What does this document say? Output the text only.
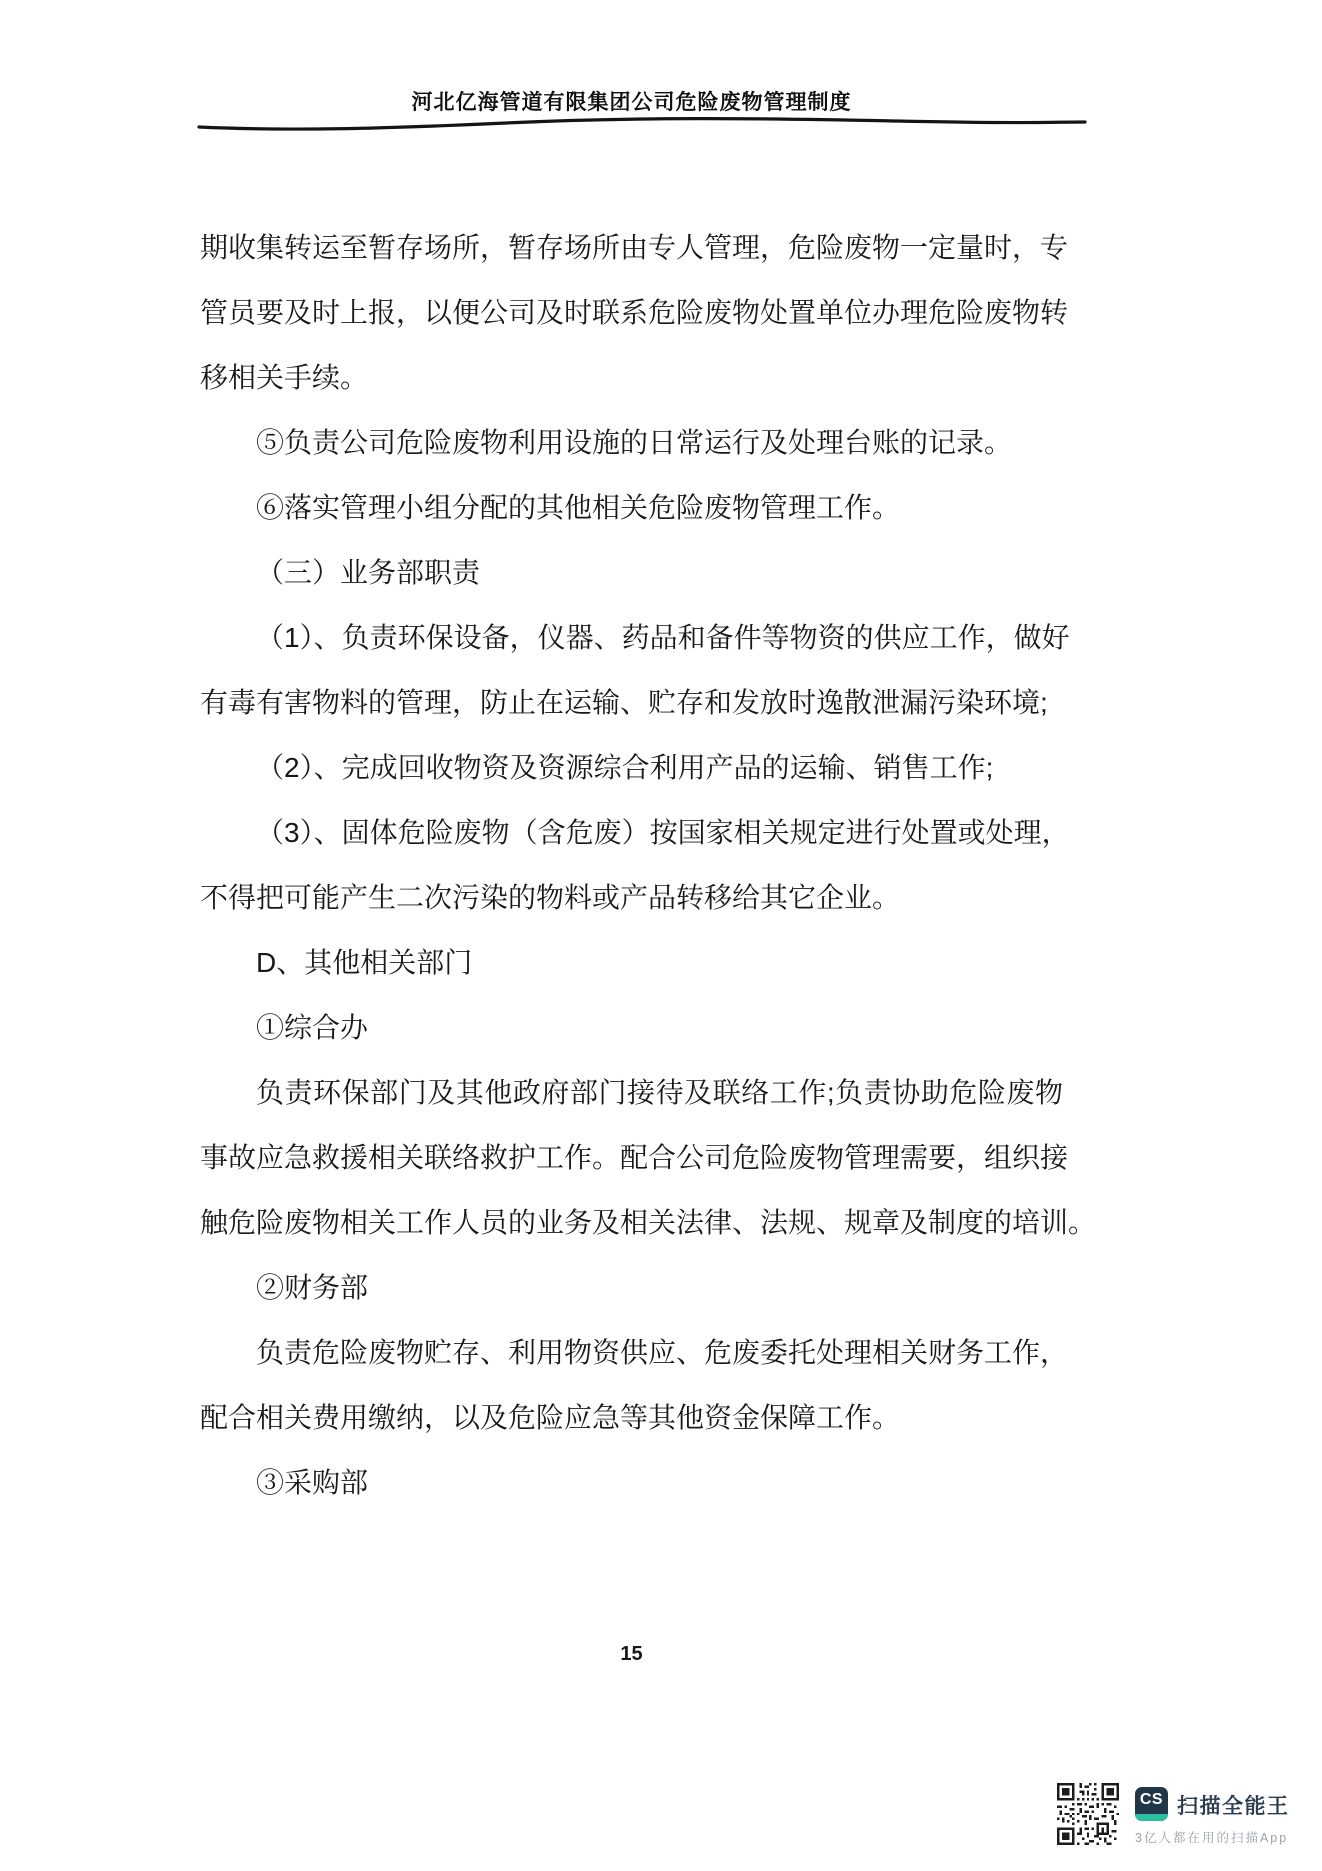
河北亿海管道有限集团公司危险废物管理制度
期收集转运至暂存场所，暂存场所由专人管理，危险废物一定量时，专
管员要及时上报，以便公司及时联系危险废物处置单位办理危险废物转
移相关手续。
⑤负责公司危险废物利用设施的日常运行及处理台账的记录。
⑥落实管理小组分配的其他相关危险废物管理工作。
（三）业务部职责
（1）、负责环保设备，仪器、药品和备件等物资的供应工作，做好
有毒有害物料的管理，防止在运输、贮存和发放时逸散泄漏污染环境;
（2）、完成回收物资及资源综合利用产品的运输、销售工作;
（3）、固体危险废物（含危废）按国家相关规定进行处置或处理，
不得把可能产生二次污染的物料或产品转移给其它企业。
D、其他相关部门
①综合办
负责环保部门及其他政府部门接待及联络工作;负责协助危险废物
事故应急救援相关联络救护工作。配合公司危险废物管理需要，组织接
触危险废物相关工作人员的业务及相关法律、法规、规章及制度的培训。
②财务部
负责危险废物贮存、利用物资供应、危废委托处理相关财务工作，
配合相关费用缴纳，以及危险应急等其他资金保障工作。
③采购部
15
CS 扫描全能王
3亿人都在用的扫描App
